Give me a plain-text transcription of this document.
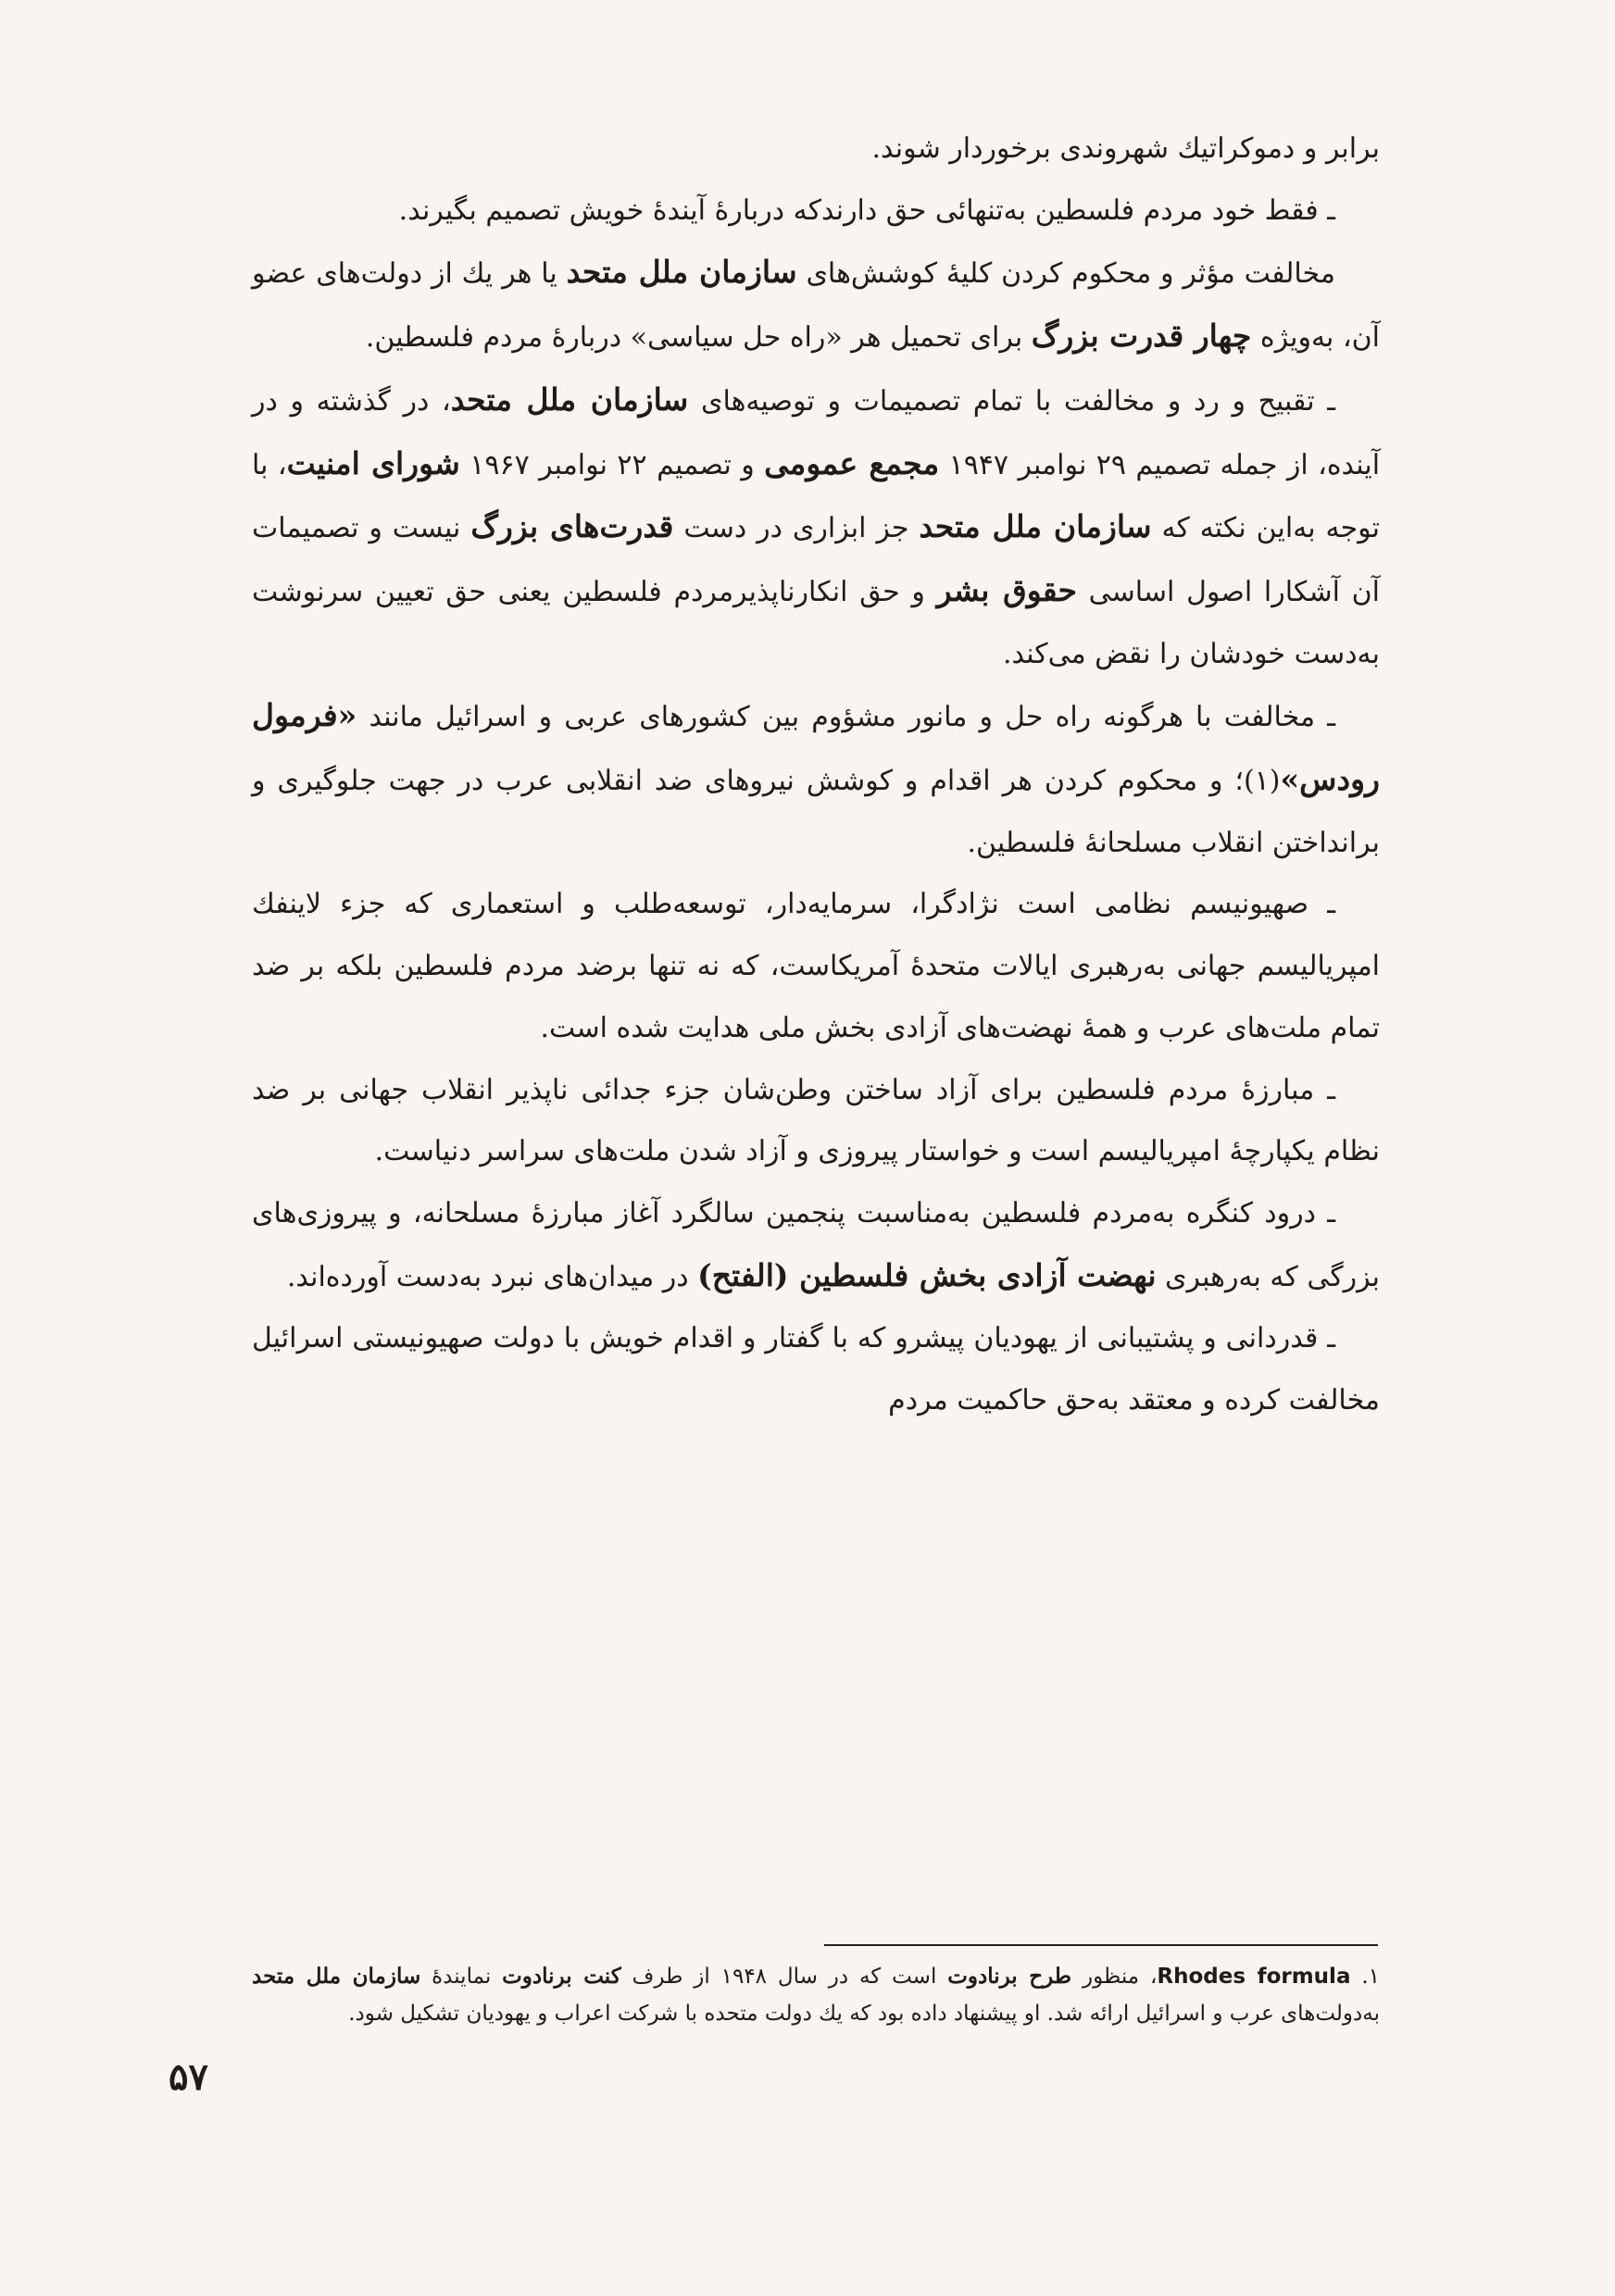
برابر و دموکراتیك شهروندی برخوردار شوند.

ـ فقط خود مردم فلسطین به‌تنهائی حق دارندکه دربارۀ آیندۀ خویش تصمیم بگیرند.

مخالفت مؤثر و محکوم کردن کلیۀ کوشش‌های سازمان ملل متحد یا هر یك از دولت‌های عضو آن، به‌ویژه چهار قدرت بزرگ برای تحمیل هر «راه حل سیاسی» دربارۀ مردم فلسطین.

ـ تقبیح و رد و مخالفت با تمام تصمیمات و توصیه‌های سازمان ملل متحد، در گذشته و در آینده، از جمله تصمیم ۲۹ نوامبر ۱۹۴۷ مجمع عمومی و تصمیم ۲۲ نوامبر ۱۹۶۷ شورای امنیت، با توجه به‌این نکته که سازمان ملل متحد جز ابزاری در دست قدرت‌های بزرگ نیست و تصمیمات آن آشکارا اصول اساسی حقوق بشر و حق انکارناپذیرمردم فلسطین یعنی حق تعیین سرنوشت به‌دست خودشان را نقض می‌کند.

ـ مخالفت با هرگونه راه حل و مانور مشؤوم بین کشورهای عربی و اسرائیل مانند «فرمول رودس»(۱)؛ و محکوم کردن هر اقدام و کوشش نیروهای ضد انقلابی عرب در جهت جلوگیری و برانداختن انقلاب مسلحانۀ فلسطین.

ـ صهیونیسم نظامی است نژادگرا، سرمایه‌دار، توسعه‌طلب و استعماری که جزء لاینفك امپریالیسم جهانی به‌رهبری ایالات متحدۀ آمریکاست، که نه تنها برضد مردم فلسطین بلکه بر ضد تمام ملت‌های عرب و همۀ نهضت‌های آزادی بخش ملی هدایت شده است.

ـ مبارزۀ مردم فلسطین برای آزاد ساختن وطن‌شان جزء جدائی ناپذیر انقلاب جهانی بر ضد نظام یکپارچۀ امپریالیسم است و خواستار پیروزی و آزاد شدن ملت‌های سراسر دنیاست.

ـ درود کنگره به‌مردم فلسطین به‌مناسبت پنجمین سالگرد آغاز مبارزۀ مسلحانه، و پیروزی‌های بزرگی که به‌رهبری نهضت آزادی بخش فلسطین (الفتح) در میدان‌های نبرد به‌دست آورده‌اند.

ـ قدردانی و پشتیبانی از یهودیان پیشرو که با گفتار و اقدام خویش با دولت صهیونیستی اسرائیل مخالفت کرده و معتقد به‌حق حاکمیت مردم

۱. Rhodes formula، منظور طرح برنادوت است که در سال ۱۹۴۸ از طرف کنت برنادوت نمایندۀ سازمان ملل متحد به‌دولت‌های عرب و اسرائیل ارائه شد. او پیشنهاد داده بود که یك دولت متحده با شرکت اعراب و یهودیان تشکیل شود.
۵۷
